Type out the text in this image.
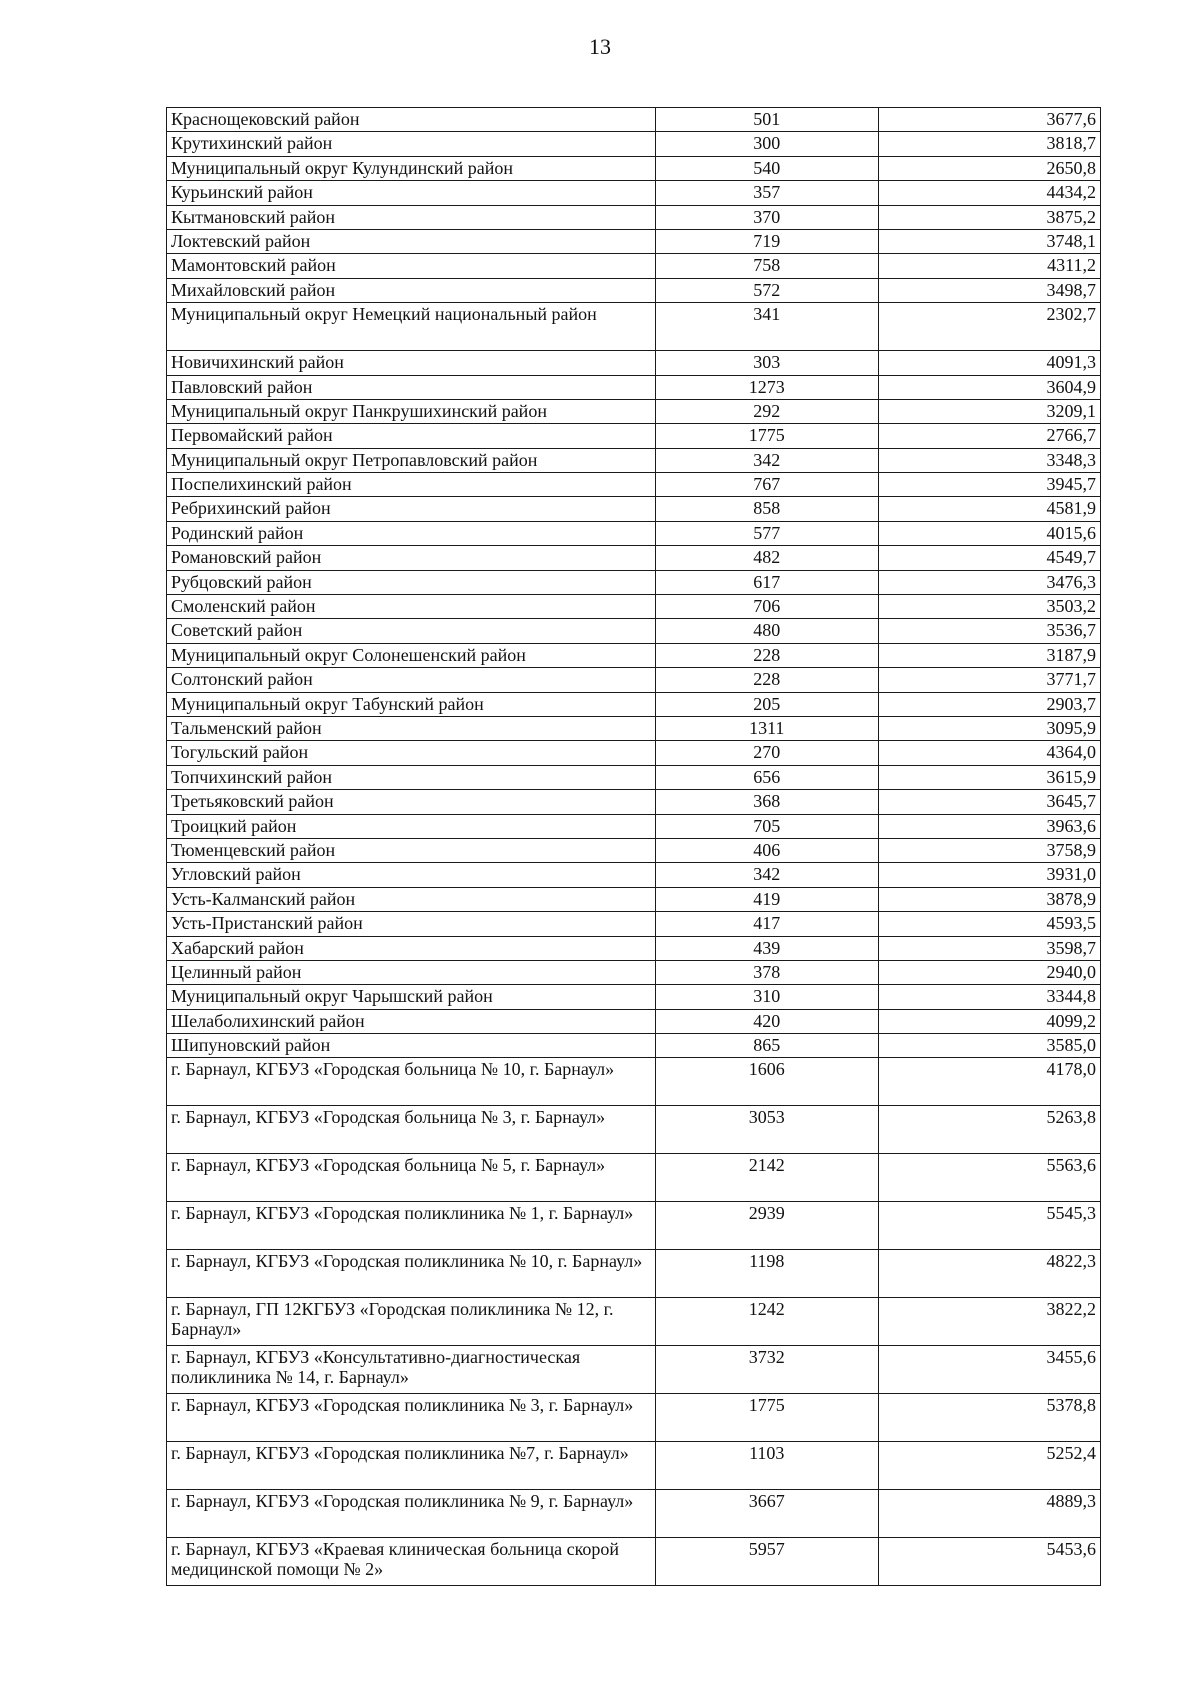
13
Краснощековский район	501	3677,6
Крутихинский район	300	3818,7
Муниципальный округ Кулундинский район	540	2650,8
Курьинский район	357	4434,2
Кытмановский район	370	3875,2
Локтевский район	719	3748,1
Мамонтовский район	758	4311,2
Михайловский район	572	3498,7
Муниципальный округ Немецкий национальный район	341	2302,7
Новичихинский район	303	4091,3
Павловский район	1273	3604,9
Муниципальный округ Панкрушихинский район	292	3209,1
Первомайский район	1775	2766,7
Муниципальный округ Петропавловский район	342	3348,3
Поспелихинский район	767	3945,7
Ребрихинский район	858	4581,9
Родинский район	577	4015,6
Романовский район	482	4549,7
Рубцовский район	617	3476,3
Смоленский район	706	3503,2
Советский район	480	3536,7
Муниципальный округ Солонешенский район	228	3187,9
Солтонский район	228	3771,7
Муниципальный округ Табунский район	205	2903,7
Тальменский район	1311	3095,9
Тогульский район	270	4364,0
Топчихинский район	656	3615,9
Третьяковский район	368	3645,7
Троицкий район	705	3963,6
Тюменцевский район	406	3758,9
Угловский район	342	3931,0
Усть-Калманский район	419	3878,9
Усть-Пристанский район	417	4593,5
Хабарский район	439	3598,7
Целинный район	378	2940,0
Муниципальный округ Чарышский район	310	3344,8
Шелаболихинский район	420	4099,2
Шипуновский район	865	3585,0
г. Барнаул, КГБУЗ «Городская больница № 10, г. Барнаул»	1606	4178,0
г. Барнаул, КГБУЗ «Городская больница № 3, г. Барнаул»	3053	5263,8
г. Барнаул, КГБУЗ «Городская больница № 5, г. Барнаул»	2142	5563,6
г. Барнаул, КГБУЗ «Городская поликлиника № 1, г. Барнаул»	2939	5545,3
г. Барнаул, КГБУЗ «Городская поликлиника № 10, г. Барнаул»	1198	4822,3
г. Барнаул, ГП 12КГБУЗ «Городская поликлиника № 12, г. Барнаул»	1242	3822,2
г. Барнаул, КГБУЗ «Консультативно-диагностическая поликлиника № 14, г. Барнаул»	3732	3455,6
г. Барнаул, КГБУЗ «Городская поликлиника № 3, г. Барнаул»	1775	5378,8
г. Барнаул, КГБУЗ «Городская поликлиника №7, г. Барнаул»	1103	5252,4
г. Барнаул, КГБУЗ «Городская поликлиника № 9, г. Барнаул»	3667	4889,3
г. Барнаул, КГБУЗ «Краевая клиническая больница скорой медицинской помощи № 2»	5957	5453,6
